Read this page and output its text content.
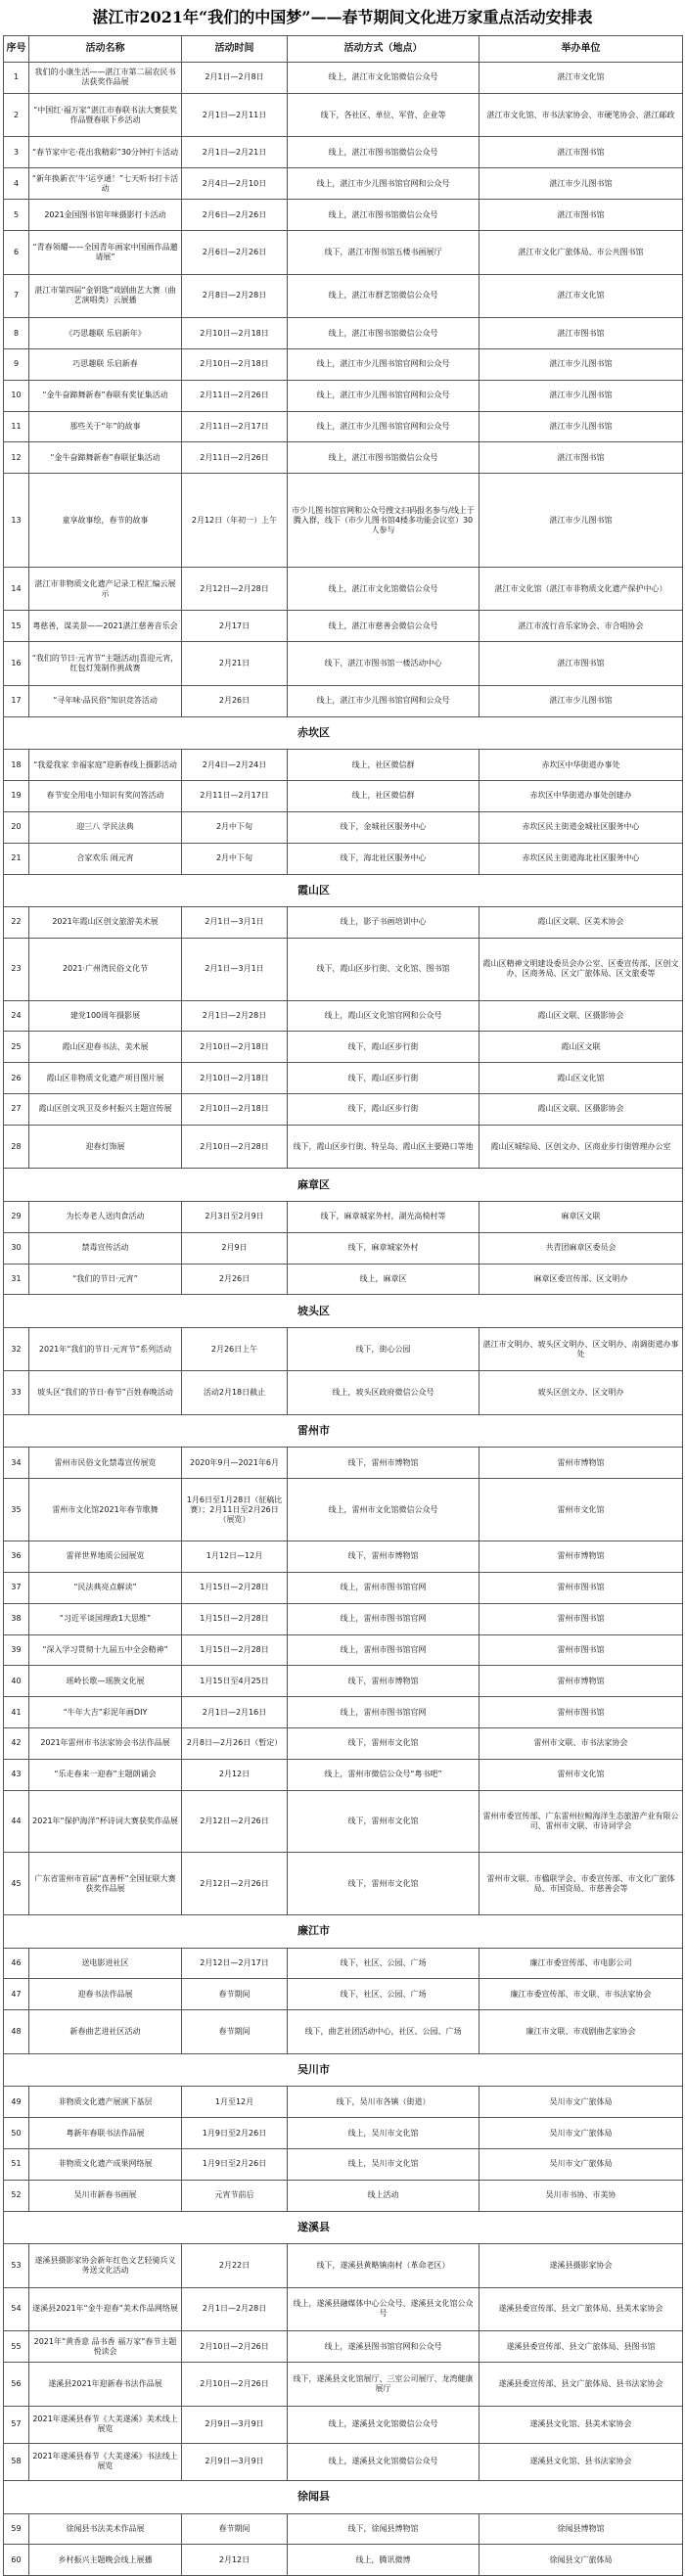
湛江市2021年“我们的中国梦”——春节期间文化进万家重点活动安排表
序号	活动名称	活动时间	活动方式（地点）	举办单位
1	我们的小康生活——湛江市第二届农民书法获奖作品展	2月1日—2月8日	线上，湛江市文化馆微信公众号	湛江市文化馆
2	“中国红·福万家”湛江市春联书法大赛获奖作品暨春联下乡活动	2月1日—2月11日	线下，各社区、单位、军营、企业等	湛江市文化馆、市书法家协会、市硬笔协会、湛江邮政
3	“春节家中宅·花出我精彩”30分钟打卡活动	2月1日—2月21日	线上，湛江市图书馆微信公众号	湛江市图书馆
4	“新年换新衣‘牛’运亨通！”七天听书打卡活动	2月4日—2月10日	线上，湛江市少儿图书馆官网和公众号	湛江市少儿图书馆
5	2021金国图书馆年味摄影打卡活动	2月6日—2月26日	线上，湛江市图书馆微信公众号	湛江市图书馆
6	“青春领耀——全国青年画家中国画作品邀请展”	2月6日—2月26日	线下，湛江市图书馆五楼书画展厅	湛江市文化广旅体局、市公共图书馆
7	湛江市第四届“金钥匙”戏剧曲艺大赛（曲艺演唱类）云展播	2月8日—2月28日	线上，湛江市群艺馆微信公众号	湛江市文化馆
8	《巧思趣联 乐启新年》	2月10日—2月18日	线上，湛江市图书馆微信公众号	湛江市图书馆
9	巧思趣联 乐启新春	2月10日—2月18日	线上，湛江市少儿图书馆官网和公众号	湛江市少儿图书馆
10	“金牛奋蹄舞新春”春联有奖征集活动	2月11日—2月26日	线上，湛江市少儿图书馆官网和公众号	湛江市少儿图书馆
11	那些关于“年”的故事	2月11日—2月17日	线上，湛江市少儿图书馆官网和公众号	湛江市少儿图书馆
12	“金牛奋蹄舞新春”春联征集活动	2月11日—2月26日	线上，湛江市图书馆微信公众号	湛江市图书馆
13	童享故事绘，春节的故事	2月12日（年初一）上午	市少儿图书馆官网和公众号搜文扫码报名参与/线上于腾入群，线下（市少儿图书馆4楼多功能会议室）30人参与	湛江市少儿图书馆
14	湛江市非物质文化遗产记录工程汇编云展示	2月12日—2月28日	线上，湛江市文化馆微信公众号	湛江市文化馆（湛江市非物质文化遗产保护中心）
15	粤慈善，谋美景——2021湛江慈善音乐会	2月17日	线上，湛江市慈善会微信公众号	湛江市流行音乐家协会、市合唱协会
16	“我们的节日·元宵节”主题活动|喜迎元宵，红包灯笼制作挑战赛	2月21日	线下，湛江市图书馆一楼活动中心	湛江市图书馆
17	“寻年味·品民俗”知识竞答活动	2月26日	线上，湛江市少儿图书馆官网和公众号	湛江市少儿图书馆
赤坎区				
18	“我爱我家 幸福家庭”迎新春线上摄影活动	2月4日—2月24日	线上，社区微信群	赤坎区中华街道办事处
19	春节安全用电小知识有奖问答活动	2月11日—2月17日	线上，社区微信群	赤坎区中华街道办事处创建办
20	迎三八 学民法典	2月中下旬	线下，金城社区服务中心	赤坎区民主街道金城社区服务中心
21	合家欢乐 闹元宵	2月中下旬	线下，海北社区服务中心	赤坎区民主街道海北社区服务中心
霞山区				
22	2021年霞山区创文旅游美术展	2月1日—3月1日	线上，影子书画培训中心	霞山区文联、区美术协会
23	2021·广州湾民俗文化节	2月1日—3月1日	线下，霞山区步行街、文化馆、图书馆	霞山区精神文明建设委员会办公室、区委宣传部、区创文办、区商务局、区文广旅体局、区文旅委等
24	建党100周年摄影展	2月1日—2月28日	线上，霞山区文化馆官网和公众号	霞山区文联、区摄影协会
25	霞山区迎春书法、美术展	2月10日—2月18日	线下，霞山区步行街	霞山区文联
26	霞山区非物质文化遗产项目图片展	2月10日—2月18日	线下，霞山区步行街	霞山区文化馆
27	霞山区创文巩卫及乡村振兴主题宣传展	2月10日—2月18日	线下，霞山区步行街	霞山区文联、区摄影协会
28	迎春灯饰展	2月10日—2月28日	线下，霞山区步行街、特呈岛、霞山区主要路口等地	霞山区城综局、区创文办、区商业步行街管理办公室
麻章区				
29	为长寿老人送肉食活动	2月3日至2月9日	线下，麻章城家外村，湖光高椅村等	麻章区文联
30	禁毒宣传活动	2月9日	线下，麻章城家外村	共青团麻章区委员会
31	“我们的节日·元宵”	2月26日	线上，麻章区	麻章区委宣传部、区文明办
坡头区				
32	2021年“我们的节日·元宵节”系列活动	2月26日上午	线下，街心公园	湛江市文明办、坡头区文明办、区文明办、南调街道办事处
33	坡头区“我们的节日·春节”百姓春晚活动	活动2月18日截止	线上，坡头区政府微信公众号	坡头区创文办、区文明办
雷州市				
34	雷州市民俗文化禁毒宣传展览	2020年9月—2021年6月	线下，雷州市博物馆	雷州市博物馆
35	雷州市文化馆2021年春节歌舞	1月6日至1月28日（征稿比赛）；2月11日至2月26日（展览）	线上，雷州市文化馆微信公众号	雷州市文化馆
36	雷祥世界地质公园展览	1月12日—12月	线下，雷州市博物馆	雷州市博物馆
37	“民法典亮点解读”	1月15日—2月28日	线上，雷州市图书馆官网	雷州市图书馆
38	“习近平谈国理政1大思维”	1月15日—2月28日	线上，雷州市图书馆官网	雷州市图书馆
39	“深入学习贯彻十九届五中全会精神”	1月15日—2月28日	线上，雷州市图书馆官网	雷州市图书馆
40	瑶岭长歌—瑶族文化展	1月15日至4月25日	线下，雷州市博物馆	雷州市博物馆
41	“牛年大吉”彩泥年画DIY	2月1日—2月16日	线上，雷州市图书馆官网	雷州市图书馆
42	2021年雷州市书法家协会书法作品展	2月8日—2月26日（暂定）	线下，雷州市文化馆	雷州市文联、市书法家协会
43	“乐走春来一迎春”主题朗诵会	2月12日	线上，雷州市微信公众号“粤书吧”	雷州市文化馆
44	2021年“保护海洋”杯诗词大赛获奖作品展	2月12日—2月26日	线下，雷州市文化馆	雷州市委宣传部、广东雷州拉鲸海洋生态旅游产业有限公司、雷州市文联、市诗词学会
45	广东省雷州市首届“直善杯”全国征联大赛获奖作品展	2月12日—2月26日	线下，雷州市文化馆	雷州市文联、市楹联学会、市委宣传部、市文化广旅体局、市国资局、市慈善会等
廉江市				
46	送电影进社区	2月12日—2月17日	线下，社区、公园、广场	廉江市委宣传部、市电影公司
47	迎春书法作品展	春节期间	线下，社区、公园、广场	廉江市委宣传部、市文联、市书法家协会
48	新春曲艺进社区活动	春节期间	线下，曲艺社团活动中心，社区、公园、广场	廉江市文联、市戏剧曲艺家协会
吴川市				
49	非物质文化遗产展演下基层	1月至12月	线下，吴川市各镇（街道）	吴川市文广旅体局
50	粤新年春联书法作品展	1月9日至2月26日	线上，吴川市文化馆	吴川市文广旅体局
51	非物质文化遗产成果网络展	1月9日至2月26日	线上，吴川市文化馆	吴川市文广旅体局
52	吴川市新春书画展	元宵节前后	线上活动	吴川市书协、市美协
遂溪县				
53	遂溪县摄影家协会新年红色文艺轻骑兵义务送文化活动	2月22日	线下，遂溪县黄略镇南村（革命老区）	遂溪县摄影家协会
54	遂溪县2021年“金牛迎春”美术作品网络展	2月1日—2月28日	线上，遂溪县融媒体中心公众号、遂溪县文化馆公众号	遂溪县委宣传部、县文广旅体局、县美术家协会
55	2021年“黄香意 品书香 福万家”春节主题悦读会	2月10日—2月26日	线上，遂溪县图书馆官网和公众号	遂溪县委宣传部、县文广旅体局、县图书馆
56	遂溪县2021年迎新春书法作品展	2月10日—2月26日	线下，遂溪县文化馆展厅、三室公司展厅、龙湾健康展厅	遂溪县委宣传部、县文广旅体局、县书法家协会
57	2021年遂溪县春节《大美遂溪》美术线上展览	2月9日—3月9日	线上，遂溪县文化馆微信公众号	遂溪县文化馆、县美术家协会
58	2021年遂溪县春节《大美遂溪》书法线上展览	2月9日—3月9日	线上，遂溪县文化馆微信公众号	遂溪县文化馆、县书法家协会
徐闻县				
59	徐闻县书法美术作品展	春节期间	线下，徐闻县博物馆	徐闻县博物馆
60	乡村振兴主题晚会线上展播	2月12日	线上，腾讯微博	徐闻县文广旅体局
